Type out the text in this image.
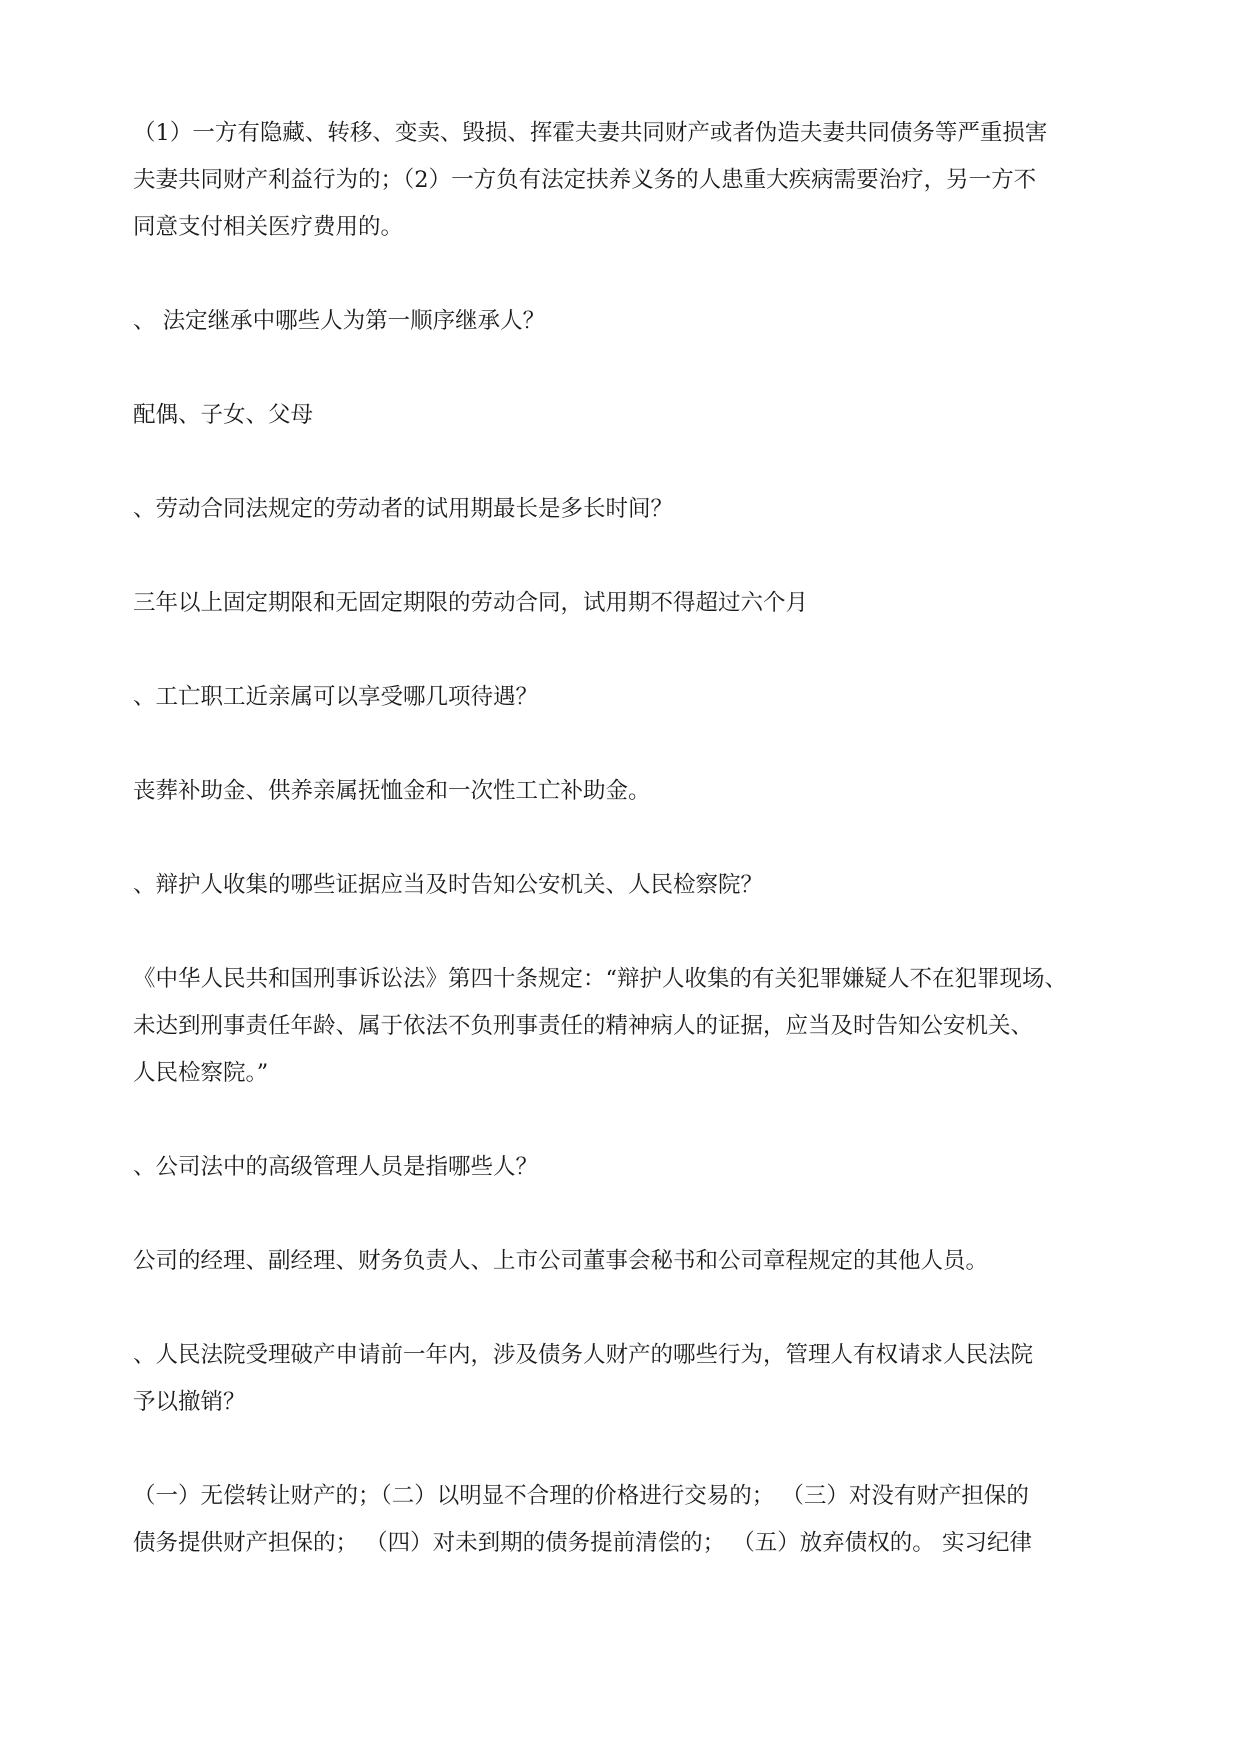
（1）一方有隐藏、转移、变卖、毁损、挥霍夫妻共同财产或者伪造夫妻共同债务等严重损害
夫妻共同财产利益行为的；（2）一方负有法定扶养义务的人患重大疾病需要治疗，另一方不
同意支付相关医疗费用的。

、 法定继承中哪些人为第一顺序继承人？

配偶、子女、父母

、劳动合同法规定的劳动者的试用期最长是多长时间？

三年以上固定期限和无固定期限的劳动合同，试用期不得超过六个月

、工亡职工近亲属可以享受哪几项待遇？

丧葬补助金、供养亲属抚恤金和一次性工亡补助金。

、辩护人收集的哪些证据应当及时告知公安机关、人民检察院？

《中华人民共和国刑事诉讼法》第四十条规定：“辩护人收集的有关犯罪嫌疑人不在犯罪现场、
未达到刑事责任年龄、属于依法不负刑事责任的精神病人的证据，应当及时告知公安机关、
人民检察院。”

、公司法中的高级管理人员是指哪些人？

公司的经理、副经理、财务负责人、上市公司董事会秘书和公司章程规定的其他人员。

、人民法院受理破产申请前一年内，涉及债务人财产的哪些行为，管理人有权请求人民法院
予以撤销？

（一）无偿转让财产的；（二）以明显不合理的价格进行交易的； （三）对没有财产担保的
债务提供财产担保的； （四）对未到期的债务提前清偿的； （五）放弃债权的。 实习纪律
